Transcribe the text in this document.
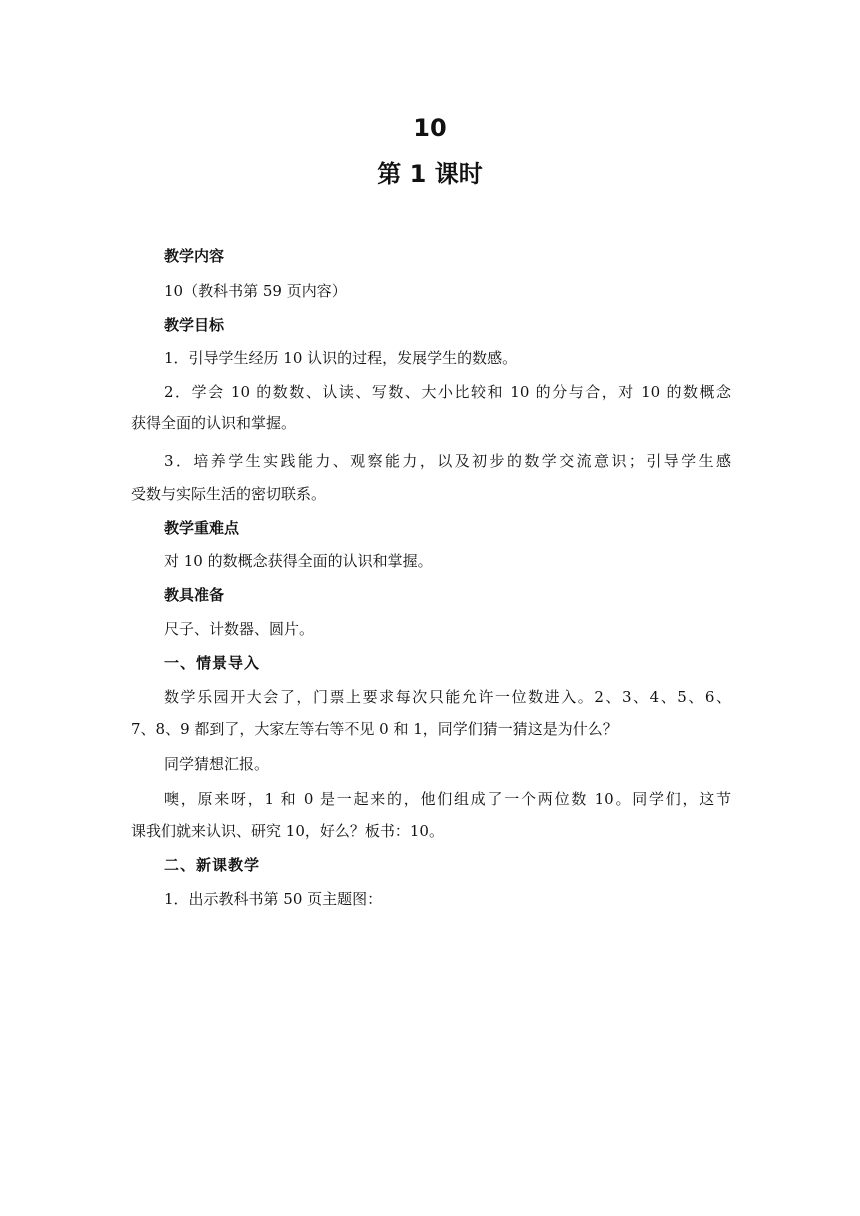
10
第 1 课时
教学内容
10（教科书第 59 页内容）
教学目标
1．引导学生经历 10 认识的过程，发展学生的数感。
2．学会 10 的数数、认读、写数、大小比较和 10 的分与合，对 10 的数概念
获得全面的认识和掌握。
3．培养学生实践能力、观察能力，以及初步的数学交流意识；引导学生感
受数与实际生活的密切联系。
教学重难点
对 10 的数概念获得全面的认识和掌握。
教具准备
尺子、计数器、圆片。
一、情景导入
数学乐园开大会了，门票上要求每次只能允许一位数进入。2、3、4、5、6、
7、8、9 都到了，大家左等右等不见 0 和 1，同学们猜一猜这是为什么？
同学猜想汇报。
噢，原来呀，1 和 0 是一起来的，他们组成了一个两位数 10。同学们，这节
课我们就来认识、研究 10，好么？板书：10。
二、新课教学
1．出示教科书第 50 页主题图：
